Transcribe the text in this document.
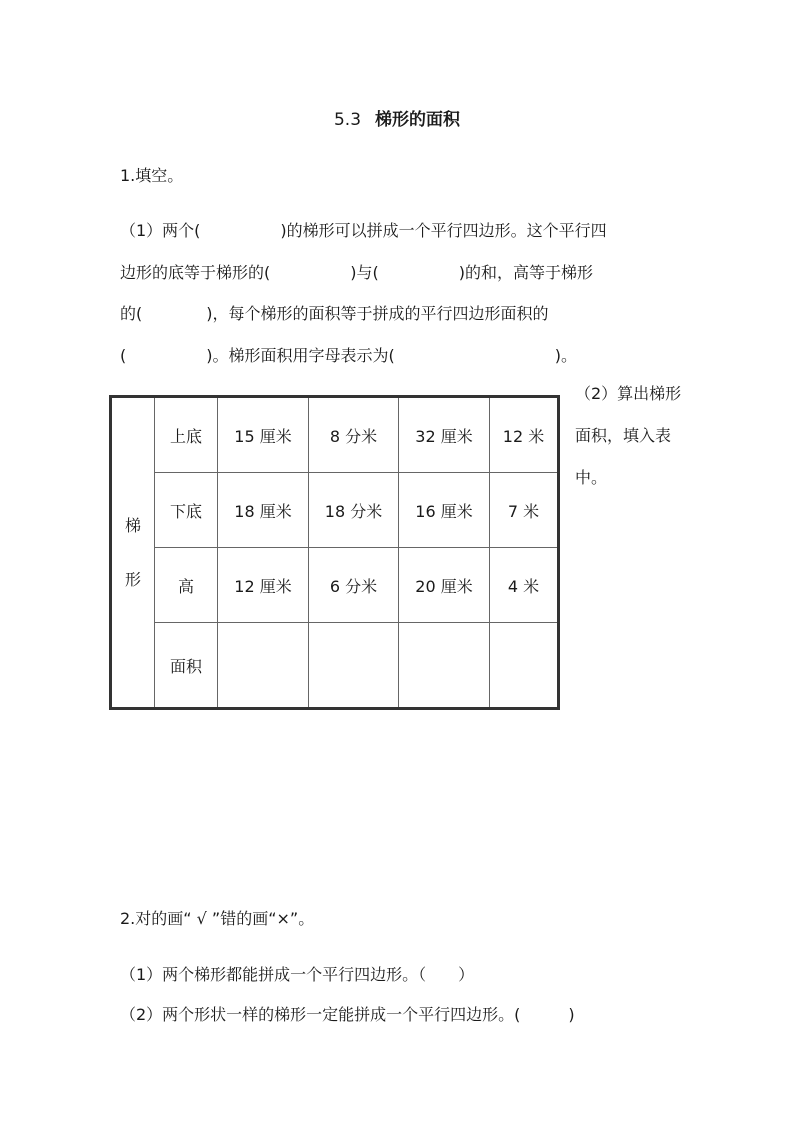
5.3 梯形的面积
1.填空。
（1）两个(　　　　　)的梯形可以拼成一个平行四边形。这个平行四
边形的底等于梯形的(　　　　　)与(　　　　　)的和，高等于梯形
的(　　　　)，每个梯形的面积等于拼成的平行四边形面积的
(　　　　　)。梯形面积用字母表示为(　　　　　　　　　　)。
（2）算出梯形面积，填入表中。
梯
形	上底	15 厘米	8 分米	32 厘米	12 米
	下底	18 厘米	18 分米	16 厘米	7 米
	高	12 厘米	6 分米	20 厘米	4 米
	面积				
2.对的画“ √ ”错的画“×”。
（1）两个梯形都能拼成一个平行四边形。（　　）
（2）两个形状一样的梯形一定能拼成一个平行四边形。(　　　)
